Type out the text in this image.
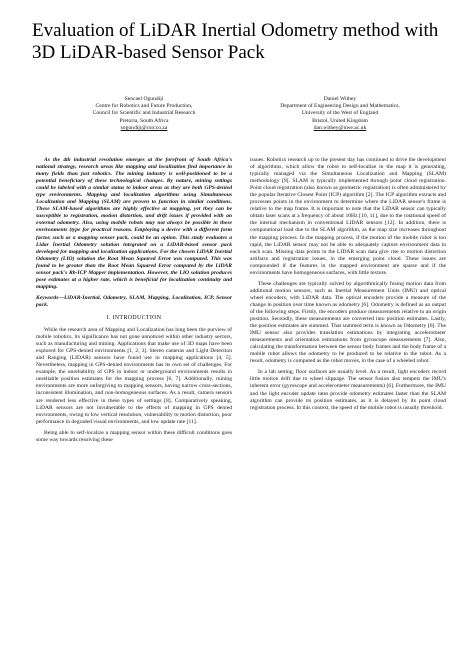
Evaluation of LiDAR Inertial Odometry method with 3D LiDAR-based Sensor Pack
Sencael Ogundiji
Centre for Robotics and Future Production,
Council for Scientific and Industrial Research
Pretoria, South Africa
sogundiji@csir.co.za
Daniel Withey
Department of Engineering Design and Mathematics,
University of the West of England
Bristol, United Kingdom
dan.withey@uwe.ac.uk

As the 4th industrial revolution emerges at the forefront of South Africa's national strategy, research areas like mapping and localization find importance in many fields than just robotics. The mining industry is well-positioned to be a potential beneficiary of these technological changes. By nature, mining settings could be labeled with a similar status to indoor areas as they are both GPS-denied type environments. Mapping and localization algorithms using Simultaneous Localization and Mapping (SLAM) are proven to function in similar conditions. These SLAM-based algorithms are highly effective at mapping, yet they can be susceptible to registration, motion distortion, and drift issues if provided with an external odometry. Also, using mobile robots may not always be possible in these environments (type for practical reasons. Employing a device with a different form factor, such as a mapping sensor pack, could be an option. This study evaluates a Lidar Inertial Odometry solution integrated on a LiDAR-based sensor pack developed for mapping and localization applications. For the chosen LiDAR Inertial Odometry (LIO) solution the Root Mean Squared Error was computed. This was found to be greater than the Root Mean Squared Error computed by the LiDAR sensor pack's Rb-ICP Mapper implementation. However, the LIO solution produces pose estimates at a higher rate, which is beneficial for localization continuity and mapping.

Keywords—LiDAR-Inertial, Odometry, SLAM, Mapping, Localization, ICP, Sensor pack.

I. INTRODUCTION

While the research area of Mapping and Localization has long been the purview of mobile robotics, its significance has not gone unnoticed within other industry sectors, such as manufacturing and mining. Applications that make use of 3D maps have been explored for GPS-denied environments [1, 2, 3]. Stereo cameras and Light Detection and Ranging (LIDAR) sensors have found use in mapping applications [4, 5]. Nevertheless, mapping in GPS-denied environments has its own set of challenges. For example, the unreliability of GPS in indoor or underground environments results in unreliable position estimates for the mapping process [6, 7]. Additionally, mining environments are more unforgiving to mapping sensors, having narrow cross-sections, inconsistent illumination, and non-homogeneous surfaces. As a result, camera sensors are rendered less effective in these types of settings [8]. Comparatively speaking, LiDAR sensors are not invulnerable to the effects of mapping in GPS denied environments, owing to low vertical resolution, vulnerability to motion distortion, poor performance in degraded visual environments, and low update rate [11].

Being able to self-localize a mapping sensor within these difficult conditions goes some way towards resolving these

issues. Robotics research up to the present day has continued to drive the development of algorithms, which allow the robot to self-localize in the map it is generating, typically managed via the Simultaneous Localization and Mapping (SLAM) methodology [9]. SLAM is typically implemented through point cloud registration. Point cloud registration (also known as geometric registration) is often administered by the popular Iterative Closest Point (ICP) algorithm [2]. The ICP algorithm extracts and processes points in the environment to determine where the LiDAR sensor's frame is relative to the map frame. It is important to note that the LiDAR sensor can typically obtain laser scans at a frequency of about 10Hz [10, 11], due to the rotational speed of the internal mechanism in conventional LIDAR sensors [12]. In addition, there is computational load due to the SLAM algorithm, as the map size increases throughout the mapping process. In the mapping process, if the motion of the mobile robot is too rapid, the LiDAR sensor may not be able to adequately capture environment data in each scan. Missing data points in the LIDAR scan data give rise to motion distortion artifacts and registration issues, in the emerging point cloud. These issues are compounded if the features in the mapped environment are sparse and if the environments have homogeneous surfaces, with little texture.

These challenges are typically solved by algorithmically fusing motion data from additional motion sensors, such as Inertial Measurement Units (IMU) and optical wheel encoders, with LiDAR data. The optical encoders provide a measure of the change in position over time known as odometry [6]. Odometry is defined as an output of the following steps. Firstly, the encoders produce measurements relative to an origin position. Secondly, these measurements are converted into position estimates. Lastly, the position estimates are summed. That summed term is known as Odometry [6]. The IMU sensor also provides translation estimations by integrating accelerometer measurements and orientation estimations from gyroscope measurements [7]. Also, calculating the transformation between the sensor body frames and the body frame of a mobile robot allows the odometry to be produced to be relative to the robot. As a result, odometry is computed as the robot moves, in the case of a wheeled robot.

In a lab setting, floor surfaces are usually level. As a result, light encoders record little motion drift due to wheel slippage. The sensor fusion also tempers the IMU's inherent error (gyroscope and accelerometer measurements) [6]. Furthermore, the IMU and the light encoder update rates provide odometry estimates faster than the SLAM algorithm can provide its position estimates, as it is delayed by its point cloud registration process. In this context, the speed of the mobile robot is usually threshold.
